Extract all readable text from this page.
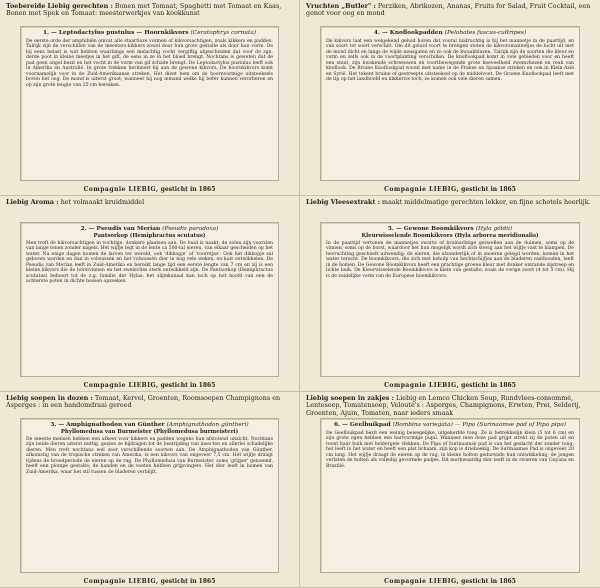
Toebereide Liebig gerechten : Bonen met Tomaat, Spaghetti met Tomaat en Kaas, Bonen met Spek en Tomaat: meesterwerkjes van kookkunst
1. — Leptodactylus pustulus — Hoornkikvors (Ceratophrys cornuta)
De eerste orde der amphibiën omvat alle staartloze vormen of kikvorsachtigen, zoals kikkers en padden. Talrijk zijn de verschillen van de meesters-kikkers zowel door hun grote gestalte als door hun vorm. De bij eens belast is wat hebben waarlangs een melachtig vocht vergiftig afgescheiden dat voor de zgn. derde poot in kleine meetjes in het gift, de eens in ze in het bloed brengt. Nochtans is geweten dat de pad geen angel bezit en het vocht in de vorm van gif schade brengt. De Leptodactylus pustulus leeft ook in Amerika en Australië. In grote trekken herinnert hij aan de gewone kikvors. De hoornkikvors komt voornamelijk voor in de Zuid-Amerikaanse streken. Het dient hem om de hoornvormige uitsteeksels boven het oog. De mond is uiterst groot; wanneer hij nog iemand welke hij beter kunnen verorberen en op zijn grote lengte van 25 cm bereiken.
Compagnie LIEBIG, gesticht in 1865
Vruchten „Butler" : Perziken, Abrikozen, Ananas, Fruits for Salad, Fruit Cocktail, een genot voor oog en mond
4. — Knoflookpadden (Pelobates fuscus-cultripes)
De kikvors laat een welgekend geluid horen dat vooral luidruchtig is bij het mannetje in de paartijd, en van soort tot soort verschilt. Om dit geluid voort te brengen stoten de kikvorsmannetjes de lucht uit met de mond dicht en langs de wijde neusgaten en zo ook de kwaakblazen. Talrijk zijn de soorten die kleur en vorm en zelfs ook in de voortplanting verschillen. De knoflookpad komt in vele gebieden voor en heeft een snuit, zijn kwakende schreeuwen en voortbewegende grote hoeveelheid zwemvliezen en reuk van knoflook. De Bruine Knoflookpad woont met name in de Franse en Spaanse streken en ook in Klein-Azië en Syrië. Het tekent bruine of gestreepte uitsteeksel op de middelvoet. De Groene Knoflookpad leeft met de tip op het landhoofd en kikkervis toch, ze komen ook vele dieren samen.
Compagnie LIEBIG, gesticht in 1865
Liebig Aroma : het volmaakt kruidmiddel
2. — Pseudis van Merian (Pseudis paradoxa)
Pantsorkop (Hemiphractus scutatus)
Men treft de kikvorsachtigen in vochtige, donkere plaatsen aan. De huid is naakt; de zolen zijn voorzien van lange tenen zonder nagels. Het wijfje legt in de lente ca 500-tal eieren, van elkaar gescheiden op het water. Na enige dagen komen de larven ter wereld, ook 'dikkopje' of 'voorntjes'. Ook het dikkopje zal geboren worden en dan in volwassen en het volwassen dier in nog vele weken, en kuit ontwikkelen. De Pseudis van Merian leeft in Zuid-Amerika en bereikt lange tijd een eerste lengte van 7 cm en zij is een kleine kikvors die de borstvinnen en het zwemvlies sterk ontwikkeld zijn. De Pantsorkop (Hemiphractus scutatus) behoort tot de z.g. familie der Hylas; het slijmkanaal kan toch op het hoofd van een de achterste poten in dichte bossen opzoeken.
Compagnie LIEBIG, gesticht in 1865
Liebig Vleesextrakt : maakt middelmatige gerechten lekker, en fijne schotels heerlijk.
5. — Gewone Boomkikvors (Hyla göldii)
Kleurwisselende Boomkikvors (Hyla arborea meridionalis)
In de paartijd vertonen de mannetjes zwarte of bruinachtige gezwellen aan de duimen, soms op de vinnen, soms op de borst, waardoor het hun mogelijk wordt zich stevig aan het wijfje vast te klampen. De bevruchting geschiedt uitwendig: de eieren, die afzonderlijk of in snoeren gelegd worden, komen in het water terecht. De boomkikvors, die zich met behulp van hechtschijfjes aan de bladeren vasthouden, leeft in de bomen. De Gewone Boomkikvors heeft een prachtige groene kleur met donker omrande zijstreep en lichte buik. De Kleurwisselende Boomkikvors is klein van gestalte, zoals de vorige soort (4 tot 5 cm). Hij is de zuidelijke vorm van de Europese boomkikvors.
Compagnie LIEBIG, gesticht in 1865
Liebig soepen in dozen : Tomaat, Kervel, Groenten, Roomsoepen Champignons en Asperges : in een handomdraai gereed
3. — Amphignathodon van Günther (Amphignathodon güntheri)
Phyllomedusa van Burmeister (Phyllomedusa burmeisteri)
De meeste mensen hebben een afkeer voor kikkers en padden wegens hun afstotend uitzicht. Nochtans zijn beide dieren uiterst nuttig, gezien ze bijdragen tot de bestrijding van insecten en allerlei schadelijke dieren. Men treft nochtans wel zeer verschillende soorten aan. De Amphignathodon van Günther, afkomstig van de tropische streken van Amerika, is een kikvors van ongeveer 7,5 cm. Het wijfje draagt tijdens de broedperiode de eieren op de rug. De Phyllomedusa van Burmeister, soms 'grijper' genoemd, heeft een plompe gestalte; de handen en de voeten hebben grijpvingers. Het dier leeft in bomen van Zuid-Amerika, waar het stil tussen de bladeren verblijft.
Compagnie LIEBIG, gesticht in 1865
Liebig soepen in zakjes : Liebig en Lemco Chicken Soup, Rundvlees-consommé, Lentesoep, Tomatensoep, Velouté's : Asperges, Champignons, Erwten, Prei, Selderij, Groenten, Ajuin, Tomaten, naar ieders smaak
6. — Geelbuikpad (Bombina variegata) — Pipa (Surinaamse pad of Pipa pipa)
De Geelbuikpad bezit een weinig bewegelijke, uitgekerfde tong. Ze is betrekkelijk klein (5 tot 6 cm) en zijn grote ogen hebben een hartvormige pupil. Wanneer men deze pad grijpt strekt zij de poten uit en toont haar buik met heldergele vlekken. De Pipa of Surinaamse pad is van het geslacht der zonder tong; het leeft in het water en heeft een plat lichaam, zijn kop is driehoekig. De Surinaamse Pad is ongeveer 20 cm lang. Het wijfje draagt de eieren op de rug, in kleine holten gedurende hun ontwikkeling; de jongen verlaten de holten als volledig gevormde padjes. Dit merkwaardig dier leeft in de rivieren van Guyana en Brazilië.
Compagnie LIEBIG, gesticht in 1865
